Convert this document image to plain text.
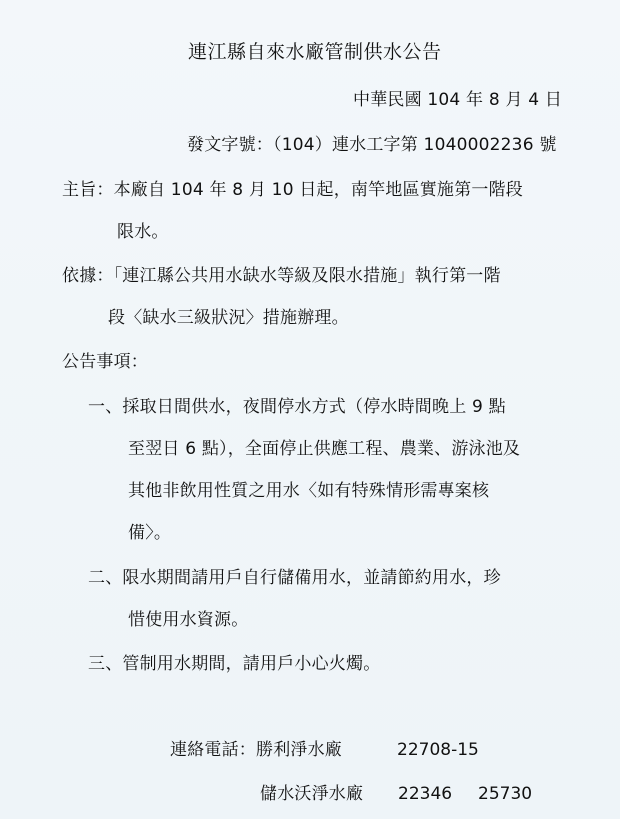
連江縣自來水廠管制供水公告
中華民國 104 年 8 月 4 日
發文字號：（104）連水工字第 1040002236 號
主旨：本廠自 104 年 8 月 10 日起，南竿地區實施第一階段
限水。
依據：「連江縣公共用水缺水等級及限水措施」執行第一階
段〈缺水三級狀況〉措施辦理。
公告事項：
一、採取日間供水，夜間停水方式（停水時間晚上 9 點
至翌日 6 點），全面停止供應工程、農業、游泳池及
其他非飲用性質之用水〈如有特殊情形需專案核
備〉。
二、限水期間請用戶自行儲備用水，並請節約用水，珍
惜使用水資源。
三、管制用水期間，請用戶小心火燭。
連絡電話：勝利淨水廠	22708-15
儲水沃淨水廠 22346 25730
